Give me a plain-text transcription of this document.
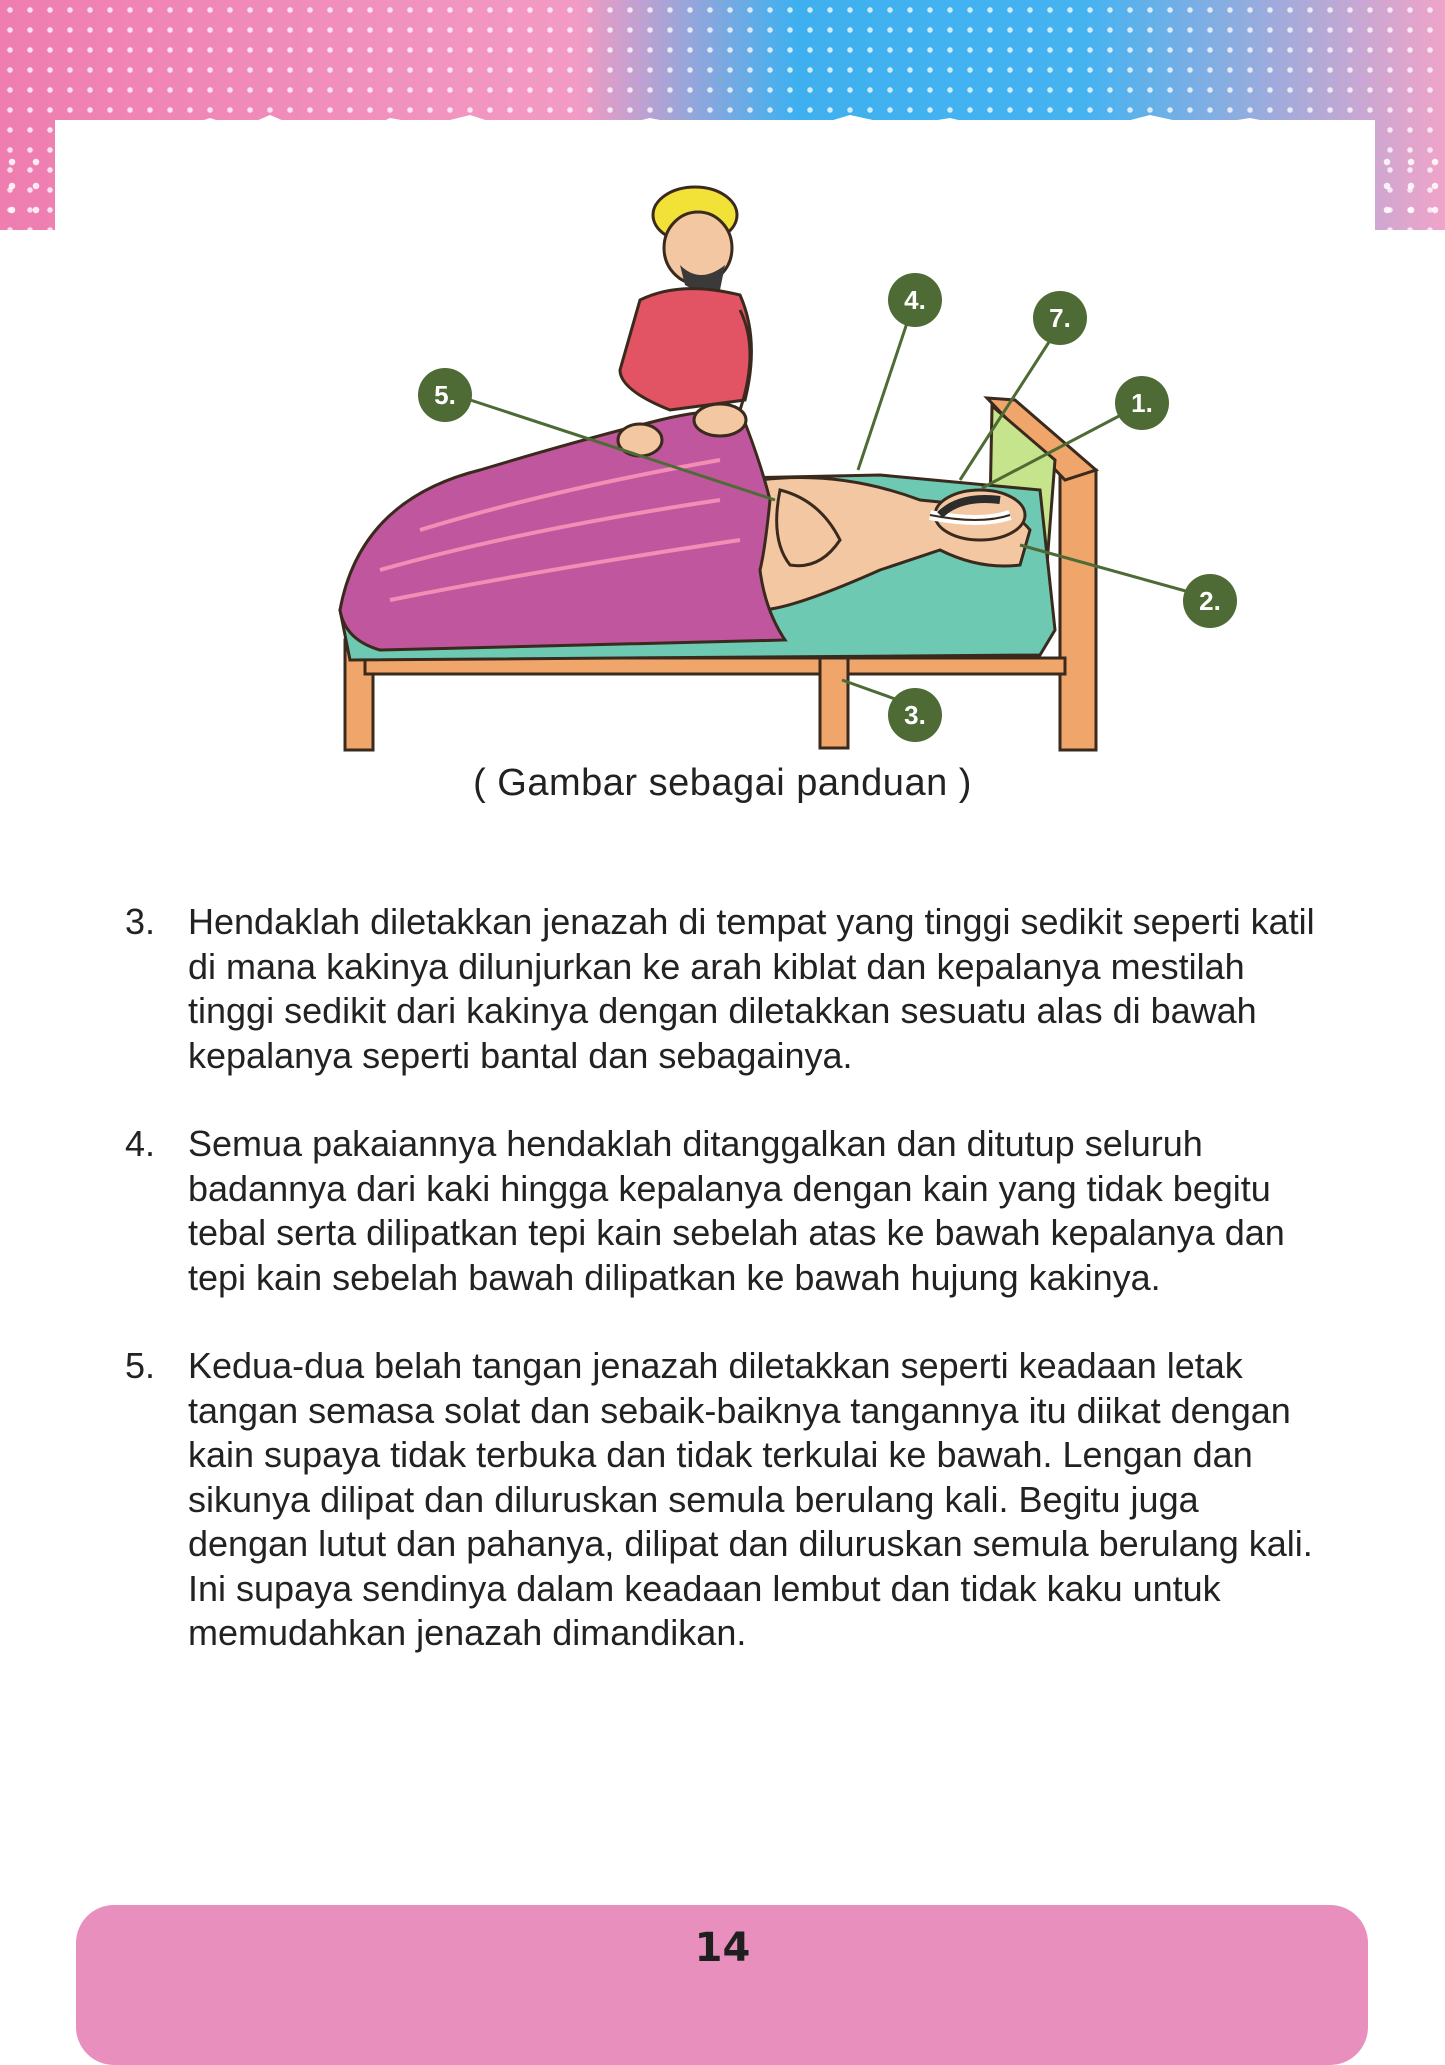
5.
4.
7.
1.
2.
3.
( Gambar sebagai panduan )
3. Hendaklah diletakkan jenazah di tempat yang tinggi sedikit seperti katil di mana kakinya dilunjurkan ke arah kiblat dan kepalanya mestilah tinggi sedikit dari kakinya dengan diletakkan sesuatu alas di bawah kepalanya seperti bantal dan sebagainya.
4. Semua pakaiannya hendaklah ditanggalkan dan ditutup seluruh badannya dari kaki hingga kepalanya dengan kain yang tidak begitu tebal serta dilipatkan tepi kain sebelah atas ke bawah kepalanya dan tepi kain sebelah bawah dilipatkan ke bawah hujung kakinya.
5. Kedua-dua belah tangan jenazah diletakkan seperti keadaan letak tangan semasa solat dan sebaik-baiknya tangannya itu diikat dengan kain supaya tidak terbuka dan tidak terkulai ke bawah. Lengan dan sikunya dilipat dan diluruskan semula berulang kali. Begitu juga dengan lutut dan pahanya, dilipat dan diluruskan semula berulang kali. Ini supaya sendinya dalam keadaan lembut dan tidak kaku untuk memudahkan jenazah dimandikan.
14
